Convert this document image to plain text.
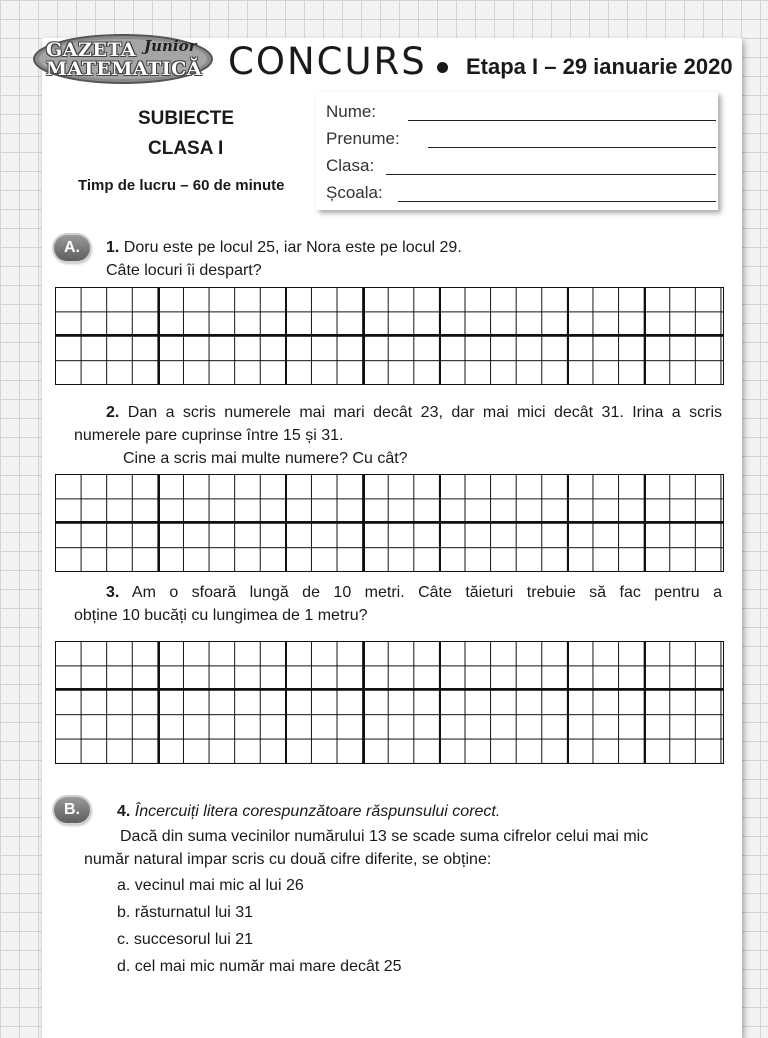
GAZETA Junior
MATEMATICĂ CONCURS Etapa I – 29 ianuarie 2020
SUBIECTE
CLASA I
Timp de lucru – 60 de minute
Nume:
Prenume:
Clasa:
Școala:
A.	1. Doru este pe locul 25, iar Nora este pe locul 29.
Câte locuri îi despart?
2. Dan a scris numerele mai mari decât 23, dar mai mici decât 31. Irina a scris
numerele pare cuprinse între 15 și 31.
Cine a scris mai multe numere? Cu cât?
3. Am o sfoară lungă de 10 metri. Câte tăieturi trebuie să fac pentru a
obține 10 bucăți cu lungimea de 1 metru?
B.	4. Încercuiți litera corespunzătoare răspunsului corect.
Dacă din suma vecinilor numărului 13 se scade suma cifrelor celui mai mic
număr natural impar scris cu două cifre diferite, se obține:
a. vecinul mai mic al lui 26
b. răsturnatul lui 31
c. succesorul lui 21
d. cel mai mic număr mai mare decât 25
